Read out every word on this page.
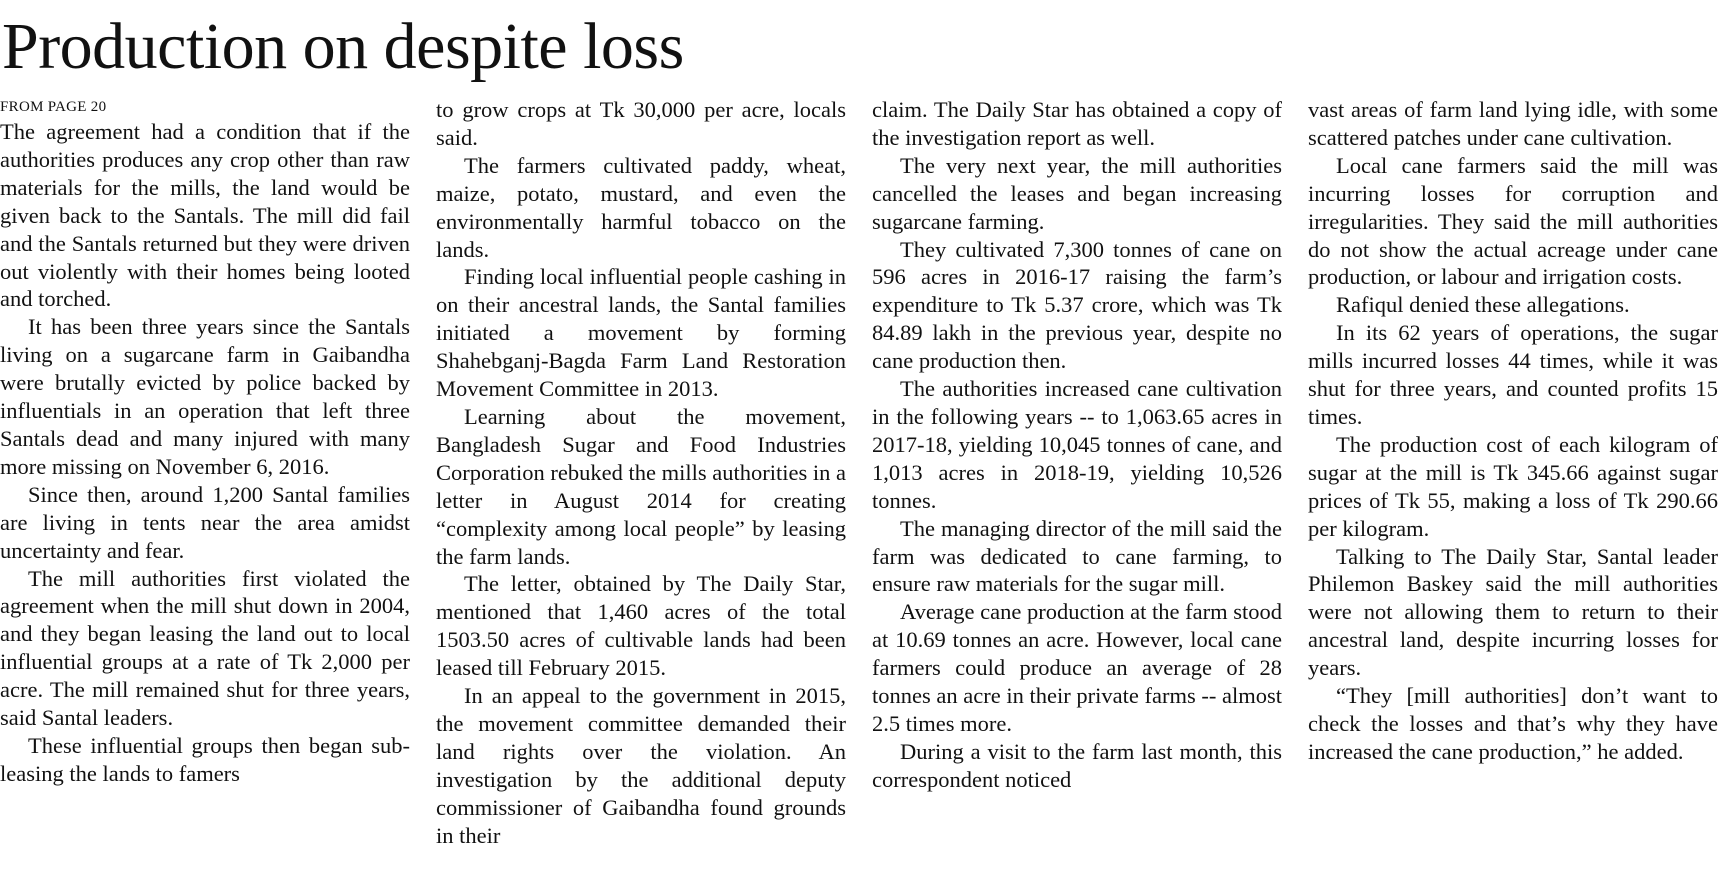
Production on despite loss
FROM PAGE 20

The agreement had a condition that if the authorities produces any crop other than raw materials for the mills, the land would be given back to the Santals. The mill did fail and the Santals returned but they were driven out violently with their homes being looted and torched.

It has been three years since the Santals living on a sugarcane farm in Gaibandha were brutally evicted by police backed by influentials in an operation that left three Santals dead and many injured with many more missing on November 6, 2016.

Since then, around 1,200 Santal families are living in tents near the area amidst uncertainty and fear.

The mill authorities first violated the agreement when the mill shut down in 2004, and they began leasing the land out to local influential groups at a rate of Tk 2,000 per acre. The mill remained shut for three years, said Santal leaders.

These influential groups then began sub-leasing the lands to famers

to grow crops at Tk 30,000 per acre, locals said.

The farmers cultivated paddy, wheat, maize, potato, mustard, and even the environmentally harmful tobacco on the lands.

Finding local influential people cashing in on their ancestral lands, the Santal families initiated a movement by forming Shahebganj-Bagda Farm Land Restoration Movement Committee in 2013.

Learning about the movement, Bangladesh Sugar and Food Industries Corporation rebuked the mills authorities in a letter in August 2014 for creating “complexity among local people” by leasing the farm lands.

The letter, obtained by The Daily Star, mentioned that 1,460 acres of the total 1503.50 acres of cultivable lands had been leased till February 2015.

In an appeal to the government in 2015, the movement committee demanded their land rights over the violation. An investigation by the additional deputy commissioner of Gaibandha found grounds in their

claim. The Daily Star has obtained a copy of the investigation report as well.

The very next year, the mill authorities cancelled the leases and began increasing sugarcane farming.

They cultivated 7,300 tonnes of cane on 596 acres in 2016-17 raising the farm’s expenditure to Tk 5.37 crore, which was Tk 84.89 lakh in the previous year, despite no cane production then.

The authorities increased cane cultivation in the following years -- to 1,063.65 acres in 2017-18, yielding 10,045 tonnes of cane, and 1,013 acres in 2018-19, yielding 10,526 tonnes.

The managing director of the mill said the farm was dedicated to cane farming, to ensure raw materials for the sugar mill.

Average cane production at the farm stood at 10.69 tonnes an acre. However, local cane farmers could produce an average of 28 tonnes an acre in their private farms -- almost 2.5 times more.

During a visit to the farm last month, this correspondent noticed

vast areas of farm land lying idle, with some scattered patches under cane cultivation.

Local cane farmers said the mill was incurring losses for corruption and irregularities. They said the mill authorities do not show the actual acreage under cane production, or labour and irrigation costs.

Rafiqul denied these allegations.

In its 62 years of operations, the sugar mills incurred losses 44 times, while it was shut for three years, and counted profits 15 times.

The production cost of each kilogram of sugar at the mill is Tk 345.66 against sugar prices of Tk 55, making a loss of Tk 290.66 per kilogram.

Talking to The Daily Star, Santal leader Philemon Baskey said the mill authorities were not allowing them to return to their ancestral land, despite incurring losses for years.

“They [mill authorities] don’t want to check the losses and that’s why they have increased the cane production,” he added.
